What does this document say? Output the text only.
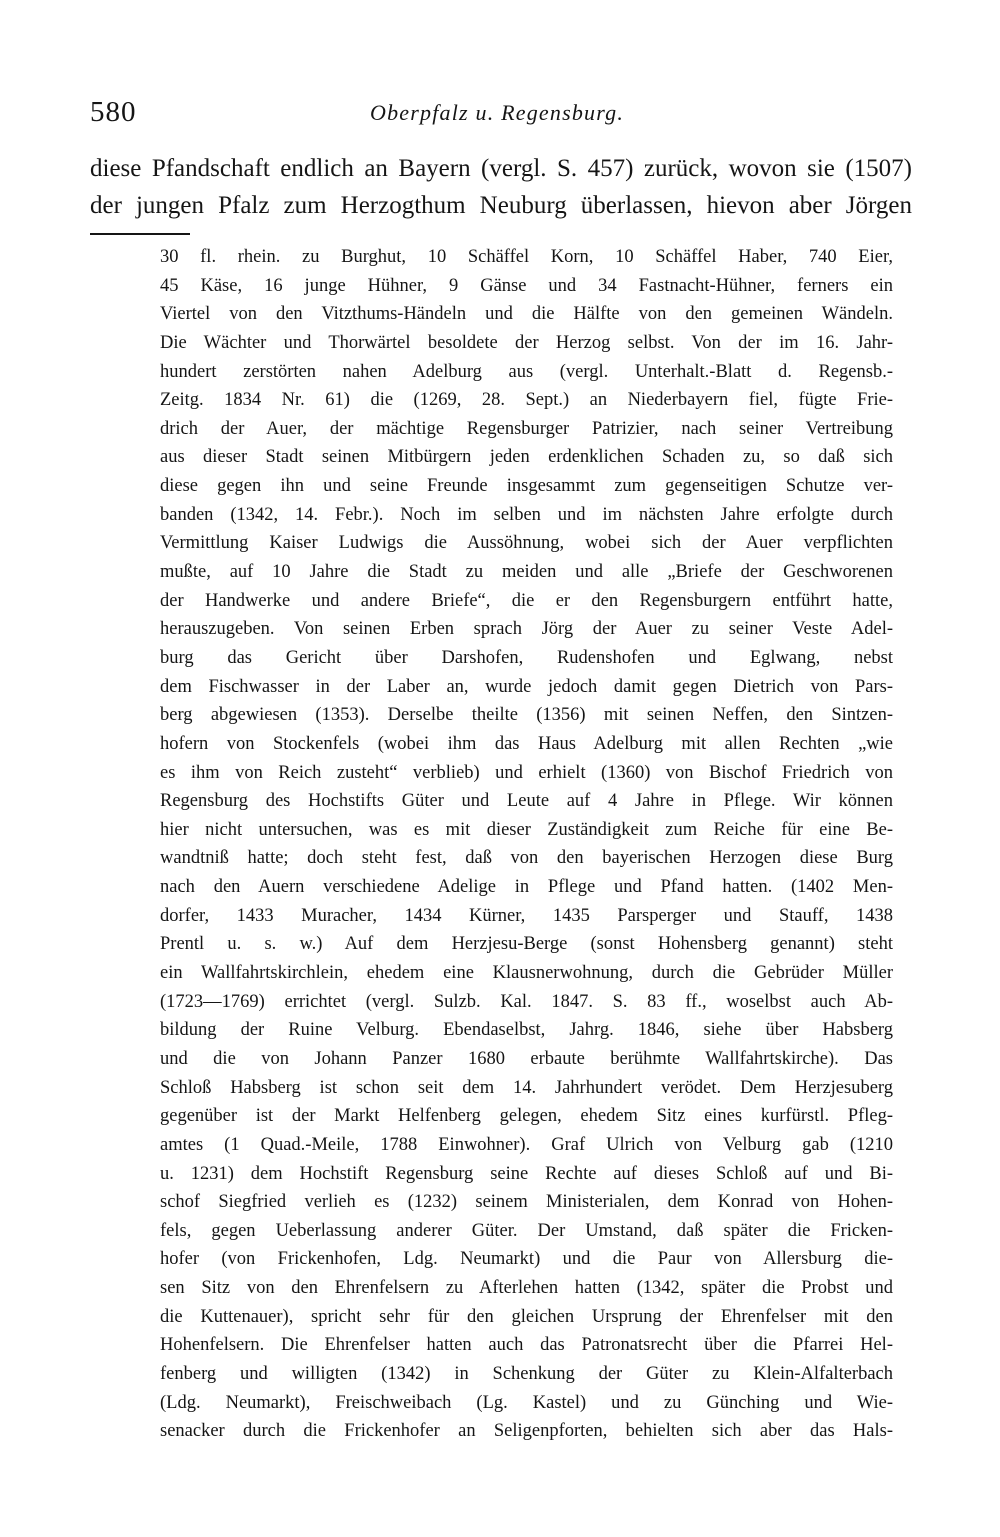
580	Oberpfalz u. Regensburg.
diese Pfandschaft endlich an Bayern (vergl. S. 457) zurück, wovon sie (1507)
der jungen Pfalz zum Herzogthum Neuburg überlassen, hievon aber Jörgen
30 fl. rhein. zu Burghut, 10 Schäffel Korn, 10 Schäffel Haber, 740 Eier,
45 Käse, 16 junge Hühner, 9 Gänse und 34 Fastnacht-Hühner, ferners ein
Viertel von den Vitzthums-Händeln und die Hälfte von den gemeinen Wändeln.
Die Wächter und Thorwärtel besoldete der Herzog selbst. Von der im 16. Jahr-
hundert zerstörten nahen Adelburg aus (vergl. Unterhalt.-Blatt d. Regensb.-
Zeitg. 1834 Nr. 61) die (1269, 28. Sept.) an Niederbayern fiel, fügte Frie-
drich der Auer, der mächtige Regensburger Patrizier, nach seiner Vertreibung
aus dieser Stadt seinen Mitbürgern jeden erdenklichen Schaden zu, so daß sich
diese gegen ihn und seine Freunde insgesammt zum gegenseitigen Schutze ver-
banden (1342, 14. Febr.). Noch im selben und im nächsten Jahre erfolgte durch
Vermittlung Kaiser Ludwigs die Aussöhnung, wobei sich der Auer verpflichten
mußte, auf 10 Jahre die Stadt zu meiden und alle „Briefe der Geschworenen
der Handwerke und andere Briefe“, die er den Regensburgern entführt hatte,
herauszugeben. Von seinen Erben sprach Jörg der Auer zu seiner Veste Adel-
burg das Gericht über Darshofen, Rudenshofen und Eglwang, nebst
dem Fischwasser in der Laber an, wurde jedoch damit gegen Dietrich von Pars-
berg abgewiesen (1353). Derselbe theilte (1356) mit seinen Neffen, den Sintzen-
hofern von Stockenfels (wobei ihm das Haus Adelburg mit allen Rechten „wie
es ihm von Reich zusteht“ verblieb) und erhielt (1360) von Bischof Friedrich von
Regensburg des Hochstifts Güter und Leute auf 4 Jahre in Pflege. Wir können
hier nicht untersuchen, was es mit dieser Zuständigkeit zum Reiche für eine Be-
wandtniß hatte; doch steht fest, daß von den bayerischen Herzogen diese Burg
nach den Auern verschiedene Adelige in Pflege und Pfand hatten. (1402 Men-
dorfer, 1433 Muracher, 1434 Kürner, 1435 Parsperger und Stauff, 1438
Prentl u. s. w.) Auf dem Herzjesu-Berge (sonst Hohensberg genannt) steht
ein Wallfahrtskirchlein, ehedem eine Klausnerwohnung, durch die Gebrüder Müller
(1723—1769) errichtet (vergl. Sulzb. Kal. 1847. S. 83 ff., woselbst auch Ab-
bildung der Ruine Velburg. Ebendaselbst, Jahrg. 1846, siehe über Habsberg
und die von Johann Panzer 1680 erbaute berühmte Wallfahrtskirche). Das
Schloß Habsberg ist schon seit dem 14. Jahrhundert verödet. Dem Herzjesuberg
gegenüber ist der Markt Helfenberg gelegen, ehedem Sitz eines kurfürstl. Pfleg-
amtes (1 Quad.-Meile, 1788 Einwohner). Graf Ulrich von Velburg gab (1210
u. 1231) dem Hochstift Regensburg seine Rechte auf dieses Schloß auf und Bi-
schof Siegfried verlieh es (1232) seinem Ministerialen, dem Konrad von Hohen-
fels, gegen Ueberlassung anderer Güter. Der Umstand, daß später die Fricken-
hofer (von Frickenhofen, Ldg. Neumarkt) und die Paur von Allersburg die-
sen Sitz von den Ehrenfelsern zu Afterlehen hatten (1342, später die Probst und
die Kuttenauer), spricht sehr für den gleichen Ursprung der Ehrenfelser mit den
Hohenfelsern. Die Ehrenfelser hatten auch das Patronatsrecht über die Pfarrei Hel-
fenberg und willigten (1342) in Schenkung der Güter zu Klein-Alfalterbach
(Ldg. Neumarkt), Freischweibach (Lg. Kastel) und zu Günching und Wie-
senacker durch die Frickenhofer an Seligenpforten, behielten sich aber das Hals-
